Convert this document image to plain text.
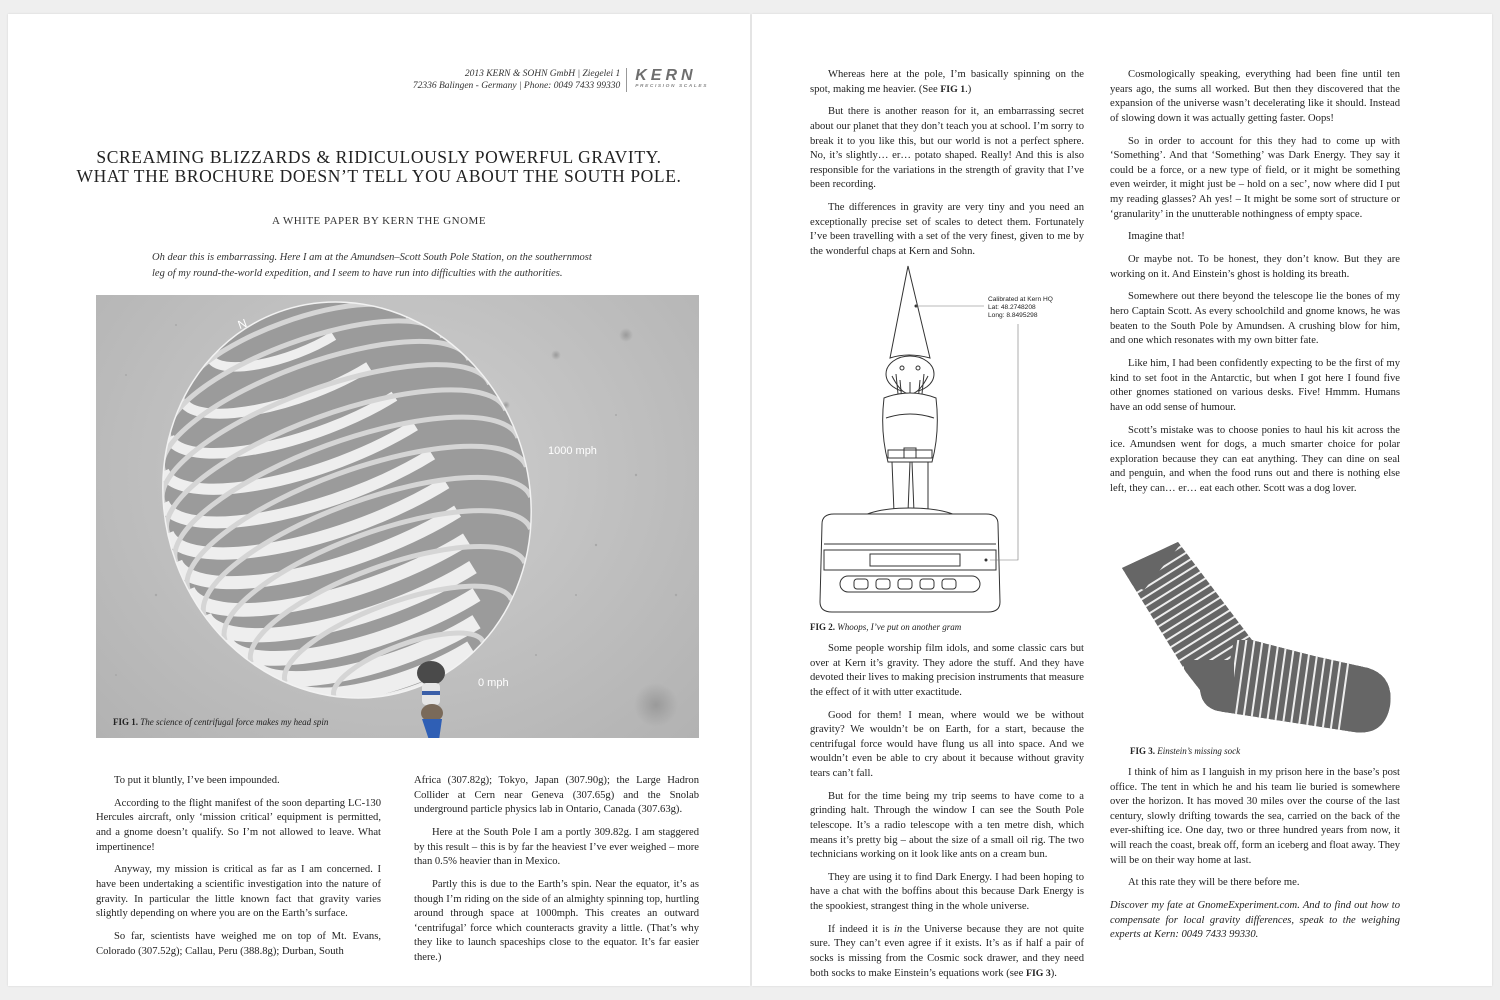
2013 KERN & SOHN GmbH | Ziegelei 1
72336 Balingen - Germany | Phone: 0049 7433 99330
KERN
PRECISION SCALES
SCREAMING BLIZZARDS & RIDICULOUSLY POWERFUL GRAVITY.
WHAT THE BROCHURE DOESN’T TELL YOU ABOUT THE SOUTH POLE.
A WHITE PAPER BY KERN THE GNOME
Oh dear this is embarrassing. Here I am at the Amundsen–Scott South Pole Station, on the southernmost
leg of my round-the-world expedition, and I seem to have run into difficulties with the authorities.
N
1000 mph
0 mph
FIG 1. The science of centrifugal force makes my head spin

To put it bluntly, I’ve been impounded.

According to the flight manifest of the soon departing LC-130 Hercules aircraft, only ‘mission critical’ equipment is permitted, and a gnome doesn’t qualify. So I’m not allowed to leave. What impertinence!

Anyway, my mission is critical as far as I am concerned. I have been undertaking a scientific investigation into the nature of gravity. In particular the little known fact that gravity varies slightly depending on where you are on the Earth’s surface.

So far, scientists have weighed me on top of Mt. Evans, Colorado (307.52g); Callau, Peru (388.8g); Durban, South

Africa (307.82g); Tokyo, Japan (307.90g); the Large Hadron Collider at Cern near Geneva (307.65g) and the Snolab underground particle physics lab in Ontario, Canada (307.63g).

Here at the South Pole I am a portly 309.82g. I am staggered by this result – this is by far the heaviest I’ve ever weighed – more than 0.5% heavier than in Mexico.

Partly this is due to the Earth’s spin. Near the equator, it’s as though I’m riding on the side of an almighty spinning top, hurtling around through space at 1000mph. This creates an outward ‘centrifugal’ force which counteracts gravity a little. (That’s why they like to launch spaceships close to the equator. It’s far easier there.)

Whereas here at the pole, I’m basically spinning on the spot, making me heavier. (See FIG 1.)

But there is another reason for it, an embarrassing secret about our planet that they don’t teach you at school. I’m sorry to break it to you like this, but our world is not a perfect sphere. No, it’s slightly… er… potato shaped. Really! And this is also responsible for the variations in the strength of gravity that I’ve been recording.

The differences in gravity are very tiny and you need an exceptionally precise set of scales to detect them. Fortunately I’ve been travelling with a set of the very finest, given to me by the wonderful chaps at Kern and Sohn.

Calibrated at Kern HQ
Lat: 48.2748208
Long: 8.8495298
FIG 2. Whoops, I’ve put on another gram

Some people worship film idols, and some classic cars but over at Kern it’s gravity. They adore the stuff. And they have devoted their lives to making precision instruments that measure the effect of it with utter exactitude.

Good for them! I mean, where would we be without gravity? We wouldn’t be on Earth, for a start, because the centrifugal force would have flung us all into space. And we wouldn’t even be able to cry about it because without gravity tears can’t fall.

But for the time being my trip seems to have come to a grinding halt. Through the window I can see the South Pole telescope. It’s a radio telescope with a ten metre dish, which means it’s pretty big – about the size of a small oil rig. The two technicians working on it look like ants on a cream bun.

They are using it to find Dark Energy. I had been hoping to have a chat with the boffins about this because Dark Energy is the spookiest, strangest thing in the whole universe.

If indeed it is in the Universe because they are not quite sure. They can’t even agree if it exists. It’s as if half a pair of socks is missing from the Cosmic sock drawer, and they need both socks to make Einstein’s equations work (see FIG 3).

Cosmologically speaking, everything had been fine until ten years ago, the sums all worked. But then they discovered that the expansion of the universe wasn’t decelerating like it should. Instead of slowing down it was actually getting faster. Oops!

So in order to account for this they had to come up with ‘Something’. And that ‘Something’ was Dark Energy. They say it could be a force, or a new type of field, or it might be something even weirder, it might just be – hold on a sec’, now where did I put my reading glasses? Ah yes! – It might be some sort of structure or ‘granularity’ in the unutterable nothingness of empty space.

Imagine that!

Or maybe not. To be honest, they don’t know. But they are working on it. And Einstein’s ghost is holding its breath.

Somewhere out there beyond the telescope lie the bones of my hero Captain Scott. As every schoolchild and gnome knows, he was beaten to the South Pole by Amundsen. A crushing blow for him, and one which resonates with my own bitter fate.

Like him, I had been confidently expecting to be the first of my kind to set foot in the Antarctic, but when I got here I found five other gnomes stationed on various desks. Five! Hmmm. Humans have an odd sense of humour.

Scott’s mistake was to choose ponies to haul his kit across the ice. Amundsen went for dogs, a much smarter choice for polar exploration because they can eat anything. They can dine on seal and penguin, and when the food runs out and there is nothing else left, they can… er… eat each other. Scott was a dog lover.

FIG 3. Einstein’s missing sock

I think of him as I languish in my prison here in the base’s post office. The tent in which he and his team lie buried is somewhere over the horizon. It has moved 30 miles over the course of the last century, slowly drifting towards the sea, carried on the back of the ever-shifting ice. One day, two or three hundred years from now, it will reach the coast, break off, form an iceberg and float away. They will be on their way home at last.

At this rate they will be there before me.

Discover my fate at GnomeExperiment.com. And to find out how to compensate for local gravity differences, speak to the weighing experts at Kern: 0049 7433 99330.
